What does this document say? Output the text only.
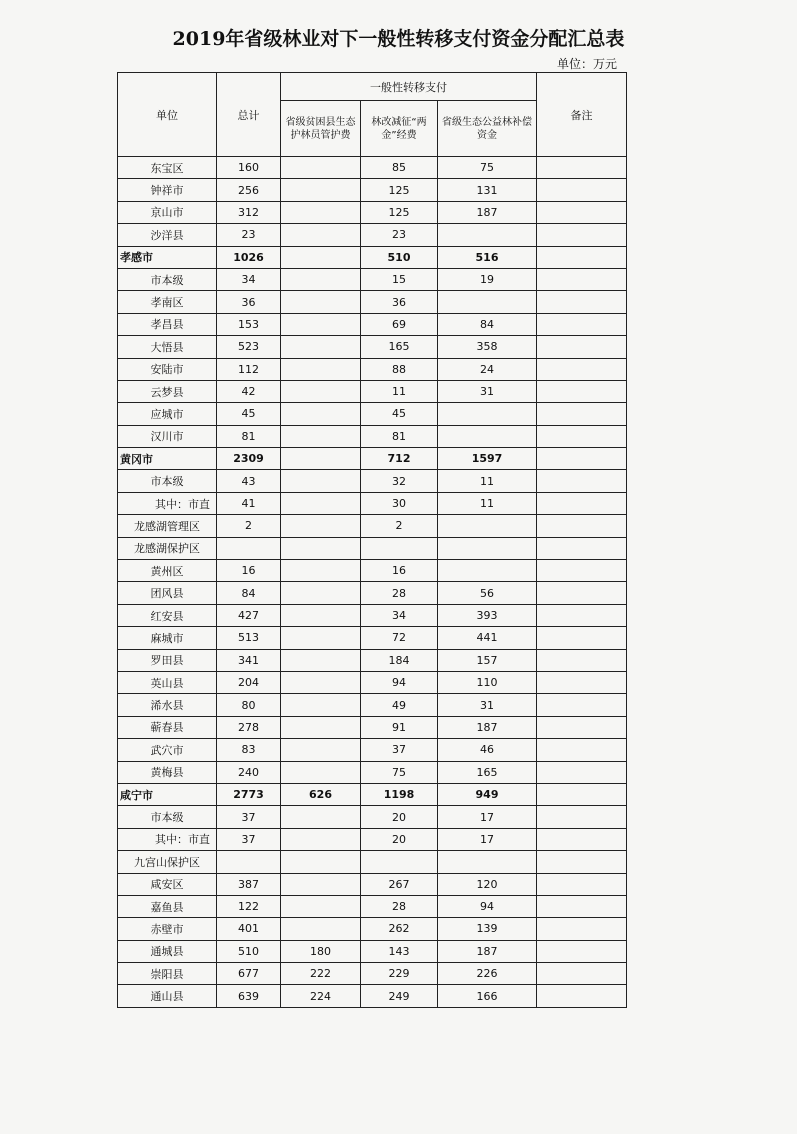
2019年省级林业对下一般性转移支付资金分配汇总表
单位：万元
单位	总计	一般性转移支付			备注
		省级贫困县生态护林员管护费	林改减征“两金”经费	省级生态公益林补偿资金	
东宝区	160		85	75	
钟祥市	256		125	131	
京山市	312		125	187	
沙洋县	23		23		
孝感市	1026		510	516	
市本级	34		15	19	
孝南区	36		36		
孝昌县	153		69	84	
大悟县	523		165	358	
安陆市	112		88	24	
云梦县	42		11	31	
应城市	45		45		
汉川市	81		81		
黄冈市	2309		712	1597	
市本级	43		32	11	
其中：市直	41		30	11	
龙感湖管理区	2		2		
龙感湖保护区					
黄州区	16		16		
团风县	84		28	56	
红安县	427		34	393	
麻城市	513		72	441	
罗田县	341		184	157	
英山县	204		94	110	
浠水县	80		49	31	
蕲春县	278		91	187	
武穴市	83		37	46	
黄梅县	240		75	165	
咸宁市	2773	626	1198	949	
市本级	37		20	17	
其中：市直	37		20	17	
九宫山保护区					
咸安区	387		267	120	
嘉鱼县	122		28	94	
赤壁市	401		262	139	
通城县	510	180	143	187	
崇阳县	677	222	229	226	
通山县	639	224	249	166	
